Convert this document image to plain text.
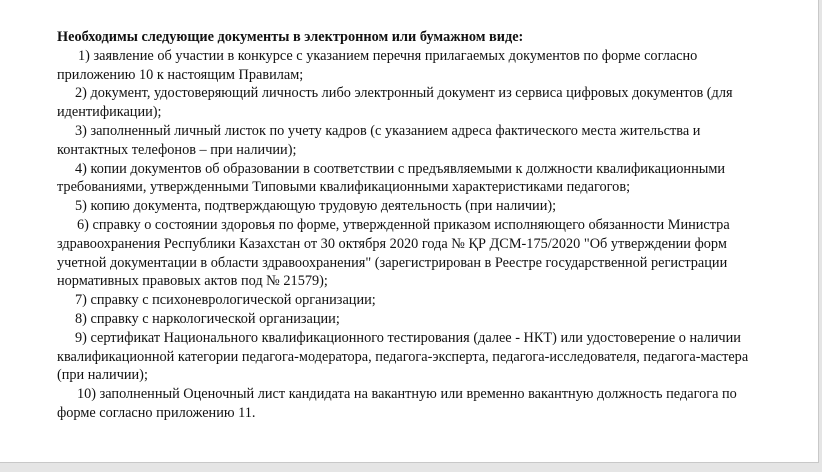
Необходимы следующие документы в электронном или бумажном виде:

1) заявление об участии в конкурсе с указанием перечня прилагаемых документов по форме согласно приложению 10 к настоящим Правилам;

2) документ, удостоверяющий личность либо электронный документ из сервиса цифровых документов (для идентификации);

3) заполненный личный листок по учету кадров (с указанием адреса фактического места жительства и контактных телефонов – при наличии);

4) копии документов об образовании в соответствии с предъявляемыми к должности квалификационными требованиями, утвержденными Типовыми квалификационными характеристиками педагогов;

5) копию документа, подтверждающую трудовую деятельность (при наличии);

6) справку о состоянии здоровья по форме, утвержденной приказом исполняющего обязанности Министра здравоохранения Республики Казахстан от 30 октября 2020 года № ҚР ДСМ-175/2020 "Об утверждении форм учетной документации в области здравоохранения" (зарегистрирован в Реестре государственной регистрации нормативных правовых актов под № 21579);

7) справку с психоневрологической организации;

8) справку с наркологической организации;

9) сертификат Национального квалификационного тестирования (далее - НКТ) или удостоверение о наличии квалификационной категории педагога-модератора, педагога-эксперта, педагога-исследователя, педагога-мастера (при наличии);

10) заполненный Оценочный лист кандидата на вакантную или временно вакантную должность педагога по форме согласно приложению 11.
